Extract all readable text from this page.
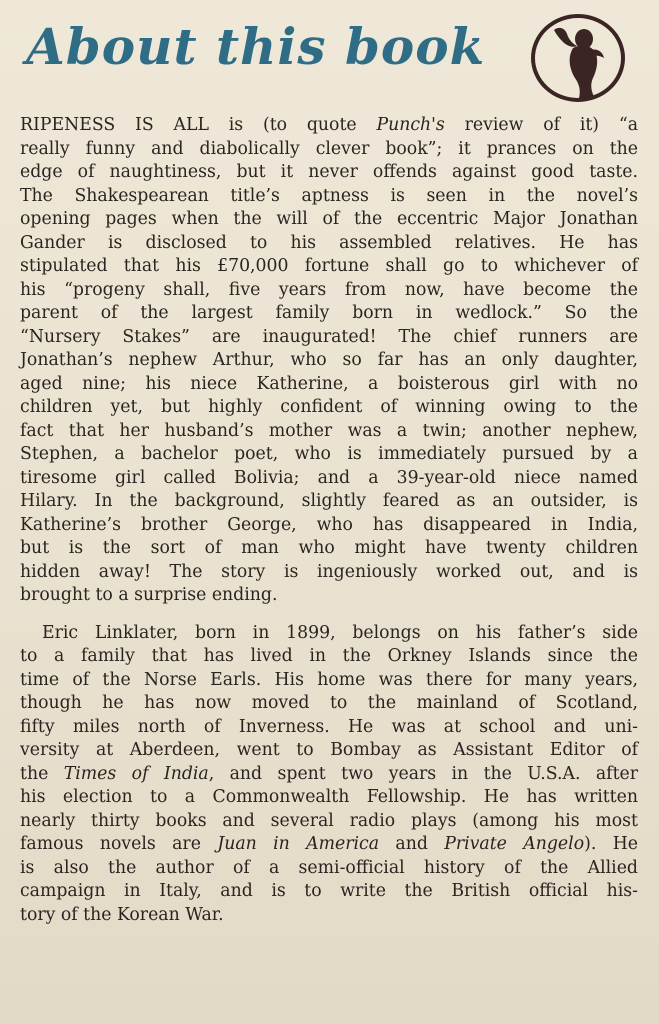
About this book

RIPENESS IS ALL is (to quote Punch's review of it) “a
really funny and diabolically clever book”; it prances on the
edge of naughtiness, but it never offends against good taste.
The Shakespearean title’s aptness is seen in the novel’s
opening pages when the will of the eccentric Major Jonathan
Gander is disclosed to his assembled relatives. He has
stipulated that his £70,000 fortune shall go to whichever of
his “progeny shall, five years from now, have become the
parent of the largest family born in wedlock.” So the
“Nursery Stakes” are inaugurated! The chief runners are
Jonathan’s nephew Arthur, who so far has an only daughter,
aged nine; his niece Katherine, a boisterous girl with no
children yet, but highly confident of winning owing to the
fact that her husband’s mother was a twin; another nephew,
Stephen, a bachelor poet, who is immediately pursued by a
tiresome girl called Bolivia; and a 39-year-old niece named
Hilary. In the background, slightly feared as an outsider, is
Katherine’s brother George, who has disappeared in India,
but is the sort of man who might have twenty children
hidden away! The story is ingeniously worked out, and is
brought to a surprise ending.

Eric Linklater, born in 1899, belongs on his father’s side
to a family that has lived in the Orkney Islands since the
time of the Norse Earls. His home was there for many years,
though he has now moved to the mainland of Scotland,
fifty miles north of Inverness. He was at school and uni-
versity at Aberdeen, went to Bombay as Assistant Editor of
the Times of India, and spent two years in the U.S.A. after
his election to a Commonwealth Fellowship. He has written
nearly thirty books and several radio plays (among his most
famous novels are Juan in America and Private Angelo). He
is also the author of a semi-official history of the Allied
campaign in Italy, and is to write the British official his-
tory of the Korean War.
